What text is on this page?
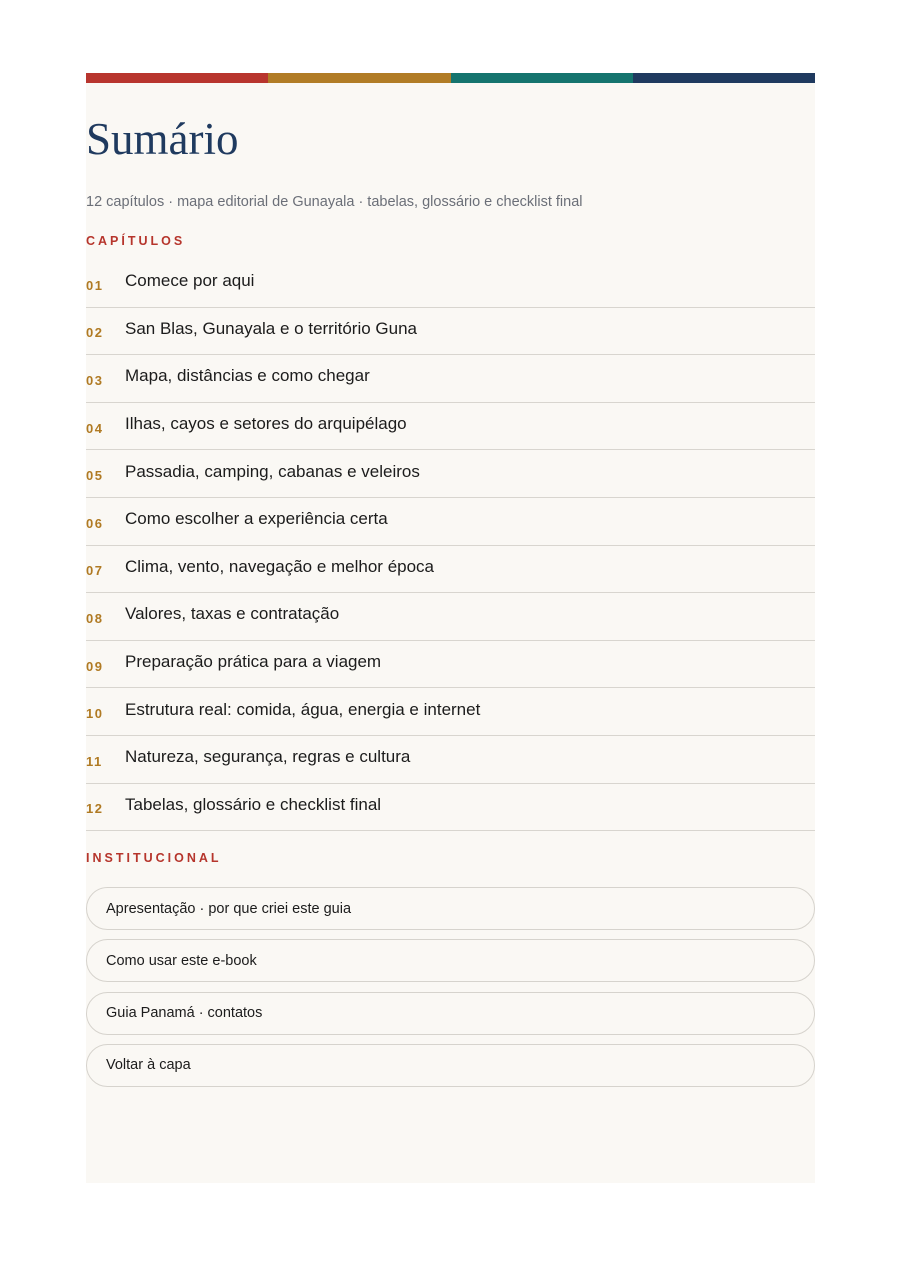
Sumário
12 capítulos · mapa editorial de Gunayala · tabelas, glossário e checklist final
CAPÍTULOS
01	Comece por aqui
02	San Blas, Gunayala e o território Guna
03	Mapa, distâncias e como chegar
04	Ilhas, cayos e setores do arquipélago
05	Passadia, camping, cabanas e veleiros
06	Como escolher a experiência certa
07	Clima, vento, navegação e melhor época
08	Valores, taxas e contratação
09	Preparação prática para a viagem
10	Estrutura real: comida, água, energia e internet
11	Natureza, segurança, regras e cultura
12	Tabelas, glossário e checklist final
INSTITUCIONAL
Apresentação · por que criei este guia
Como usar este e-book
Guia Panamá · contatos
Voltar à capa
